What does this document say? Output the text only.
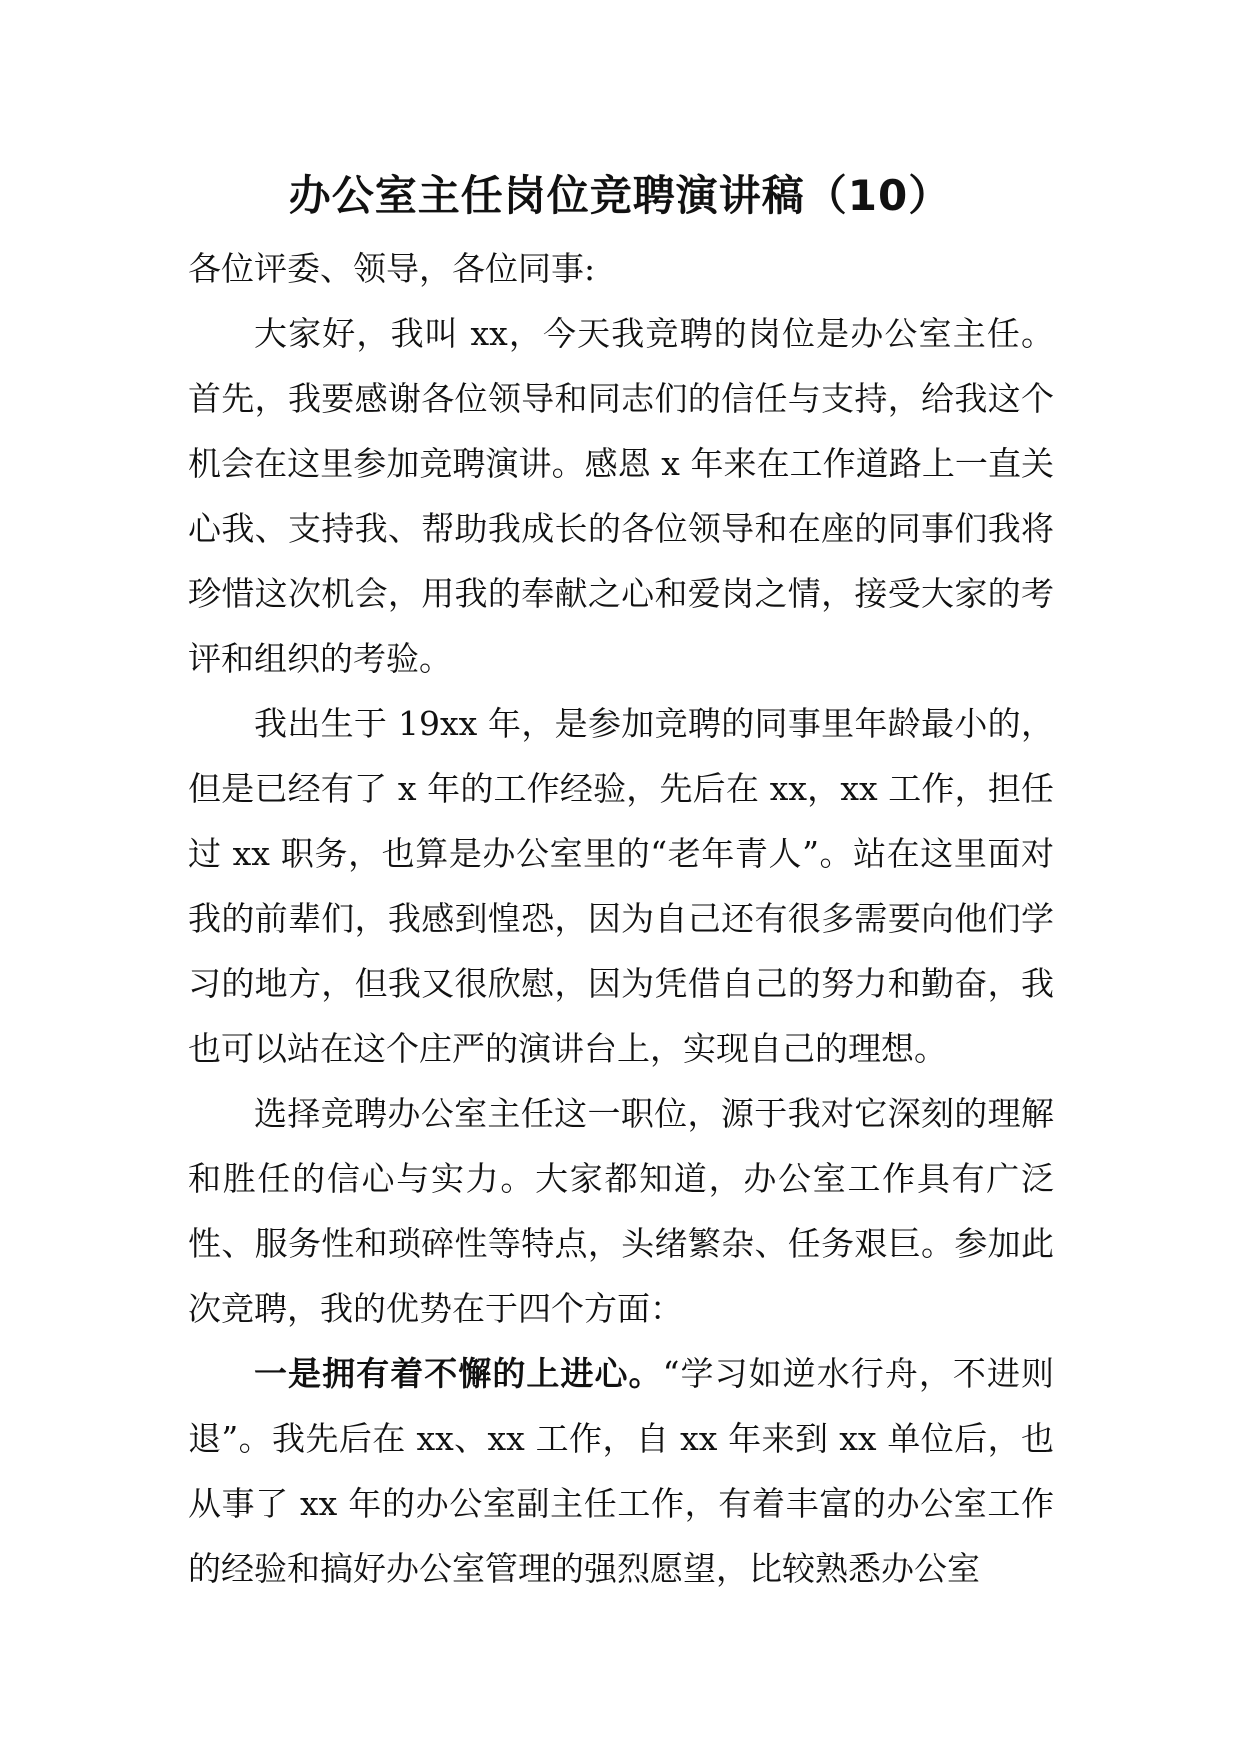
办公室主任岗位竞聘演讲稿（10）

各位评委、领导，各位同事:

大家好，我叫 xx，今天我竞聘的岗位是办公室主任。首先，我要感谢各位领导和同志们的信任与支持，给我这个机会在这里参加竞聘演讲。感恩 x 年来在工作道路上一直关心我、支持我、帮助我成长的各位领导和在座的同事们我将珍惜这次机会，用我的奉献之心和爱岗之情，接受大家的考评和组织的考验。

我出生于 19xx 年，是参加竞聘的同事里年龄最小的，但是已经有了 x 年的工作经验，先后在 xx，xx 工作，担任过 xx 职务，也算是办公室里的“老年青人”。站在这里面对我的前辈们，我感到惶恐，因为自己还有很多需要向他们学习的地方，但我又很欣慰，因为凭借自己的努力和勤奋，我也可以站在这个庄严的演讲台上，实现自己的理想。

选择竞聘办公室主任这一职位，源于我对它深刻的理解和胜任的信心与实力。大家都知道，办公室工作具有广泛性、服务性和琐碎性等特点，头绪繁杂、任务艰巨。参加此次竞聘，我的优势在于四个方面：

一是拥有着不懈的上进心。“学习如逆水行舟，不进则退”。我先后在 xx、xx 工作，自 xx 年来到 xx 单位后，也从事了 xx 年的办公室副主任工作，有着丰富的办公室工作的经验和搞好办公室管理的强烈愿望，比较熟悉办公室
